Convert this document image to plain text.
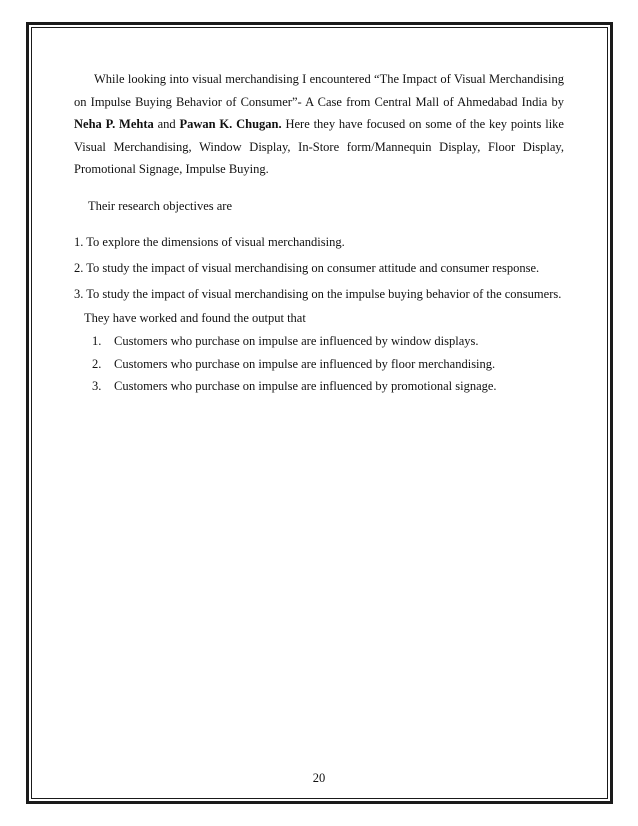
While looking into visual merchandising I encountered “The Impact of Visual Merchandising on Impulse Buying Behavior of Consumer”- A Case from Central Mall of Ahmedabad India by Neha P. Mehta and Pawan K. Chugan. Here they have focused on some of the key points like Visual Merchandising, Window Display, In-Store form/Mannequin Display, Floor Display, Promotional Signage, Impulse Buying.

Their research objectives are

1. To explore the dimensions of visual merchandising.

2. To study the impact of visual merchandising on consumer attitude and consumer response.

3. To study the impact of visual merchandising on the impulse buying behavior of the consumers.

They have worked and found the output that

1.	Customers who purchase on impulse are influenced by window displays.
2.	Customers who purchase on impulse are influenced by floor merchandising.
3.	Customers who purchase on impulse are influenced by promotional signage.
20
